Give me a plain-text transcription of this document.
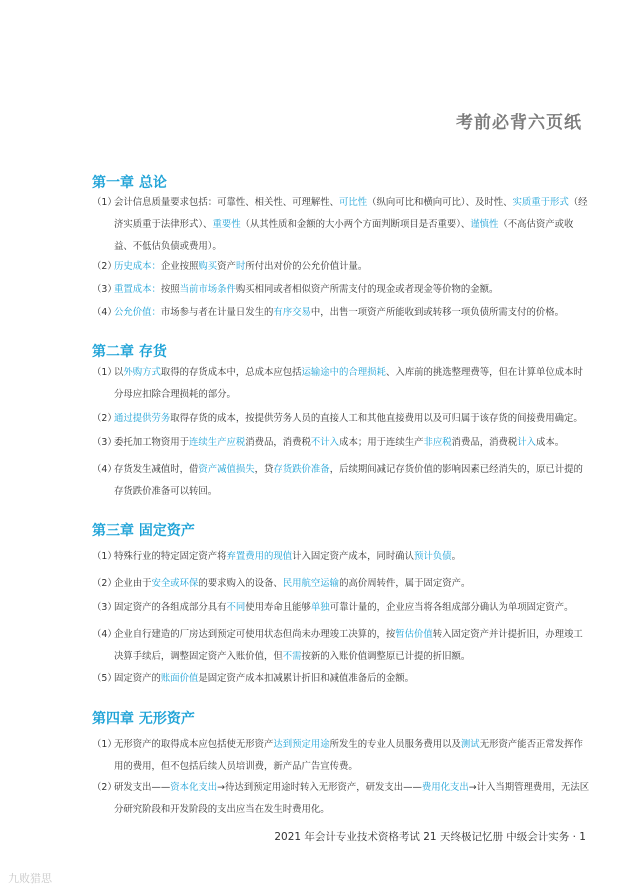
考前必背六页纸
第一章 总论
（1）
会计信息质量要求包括：可靠性、相关性、可理解性、可比性（纵向可比和横向可比）、及时性、实质重于形式（经济实质重于法律形式）、重要性（从其性质和金额的大小两个方面判断项目是否重要）、谨慎性（不高估资产或收益、不低估负债或费用）。
（2）
历史成本：企业按照购买资产时所付出对价的公允价值计量。
（3）
重置成本：按照当前市场条件购买相同或者相似资产所需支付的现金或者现金等价物的金额。
（4）
公允价值：市场参与者在计量日发生的有序交易中，出售一项资产所能收到或转移一项负债所需支付的价格。
第二章 存货
（1）
以外购方式取得的存货成本中，总成本应包括运输途中的合理损耗、入库前的挑选整理费等，但在计算单位成本时分母应扣除合理损耗的部分。
（2）
通过提供劳务取得存货的成本，按提供劳务人员的直接人工和其他直接费用以及可归属于该存货的间接费用确定。
（3）
委托加工物资用于连续生产应税消费品，消费税不计入成本；用于连续生产非应税消费品，消费税计入成本。
（4）
存货发生减值时，借资产减值损失，贷存货跌价准备，后续期间减记存货价值的影响因素已经消失的，原已计提的存货跌价准备可以转回。
第三章 固定资产
（1）
特殊行业的特定固定资产将弃置费用的现值计入固定资产成本，同时确认预计负债。
（2）
企业由于安全或环保的要求购入的设备、民用航空运输的高价周转件，属于固定资产。
（3）
固定资产的各组成部分具有不同使用寿命且能够单独可靠计量的，企业应当将各组成部分确认为单项固定资产。
（4）
企业自行建造的厂房达到预定可使用状态但尚未办理竣工决算的，按暂估价值转入固定资产并计提折旧，办理竣工决算手续后，调整固定资产入账价值，但不需按新的入账价值调整原已计提的折旧额。
（5）
固定资产的账面价值是固定资产成本扣减累计折旧和减值准备后的金额。
第四章 无形资产
（1）
无形资产的取得成本应包括使无形资产达到预定用途所发生的专业人员服务费用以及测试无形资产能否正常发挥作用的费用，但不包括后续人员培训费，新产品广告宣传费。
（2）
研发支出——资本化支出→待达到预定用途时转入无形资产，研发支出——费用化支出→计入当期管理费用，无法区分研究阶段和开发阶段的支出应当在发生时费用化。
2021 年会计专业技术资格考试 21 天终极记忆册 中级会计实务 · 1
九败猎思
